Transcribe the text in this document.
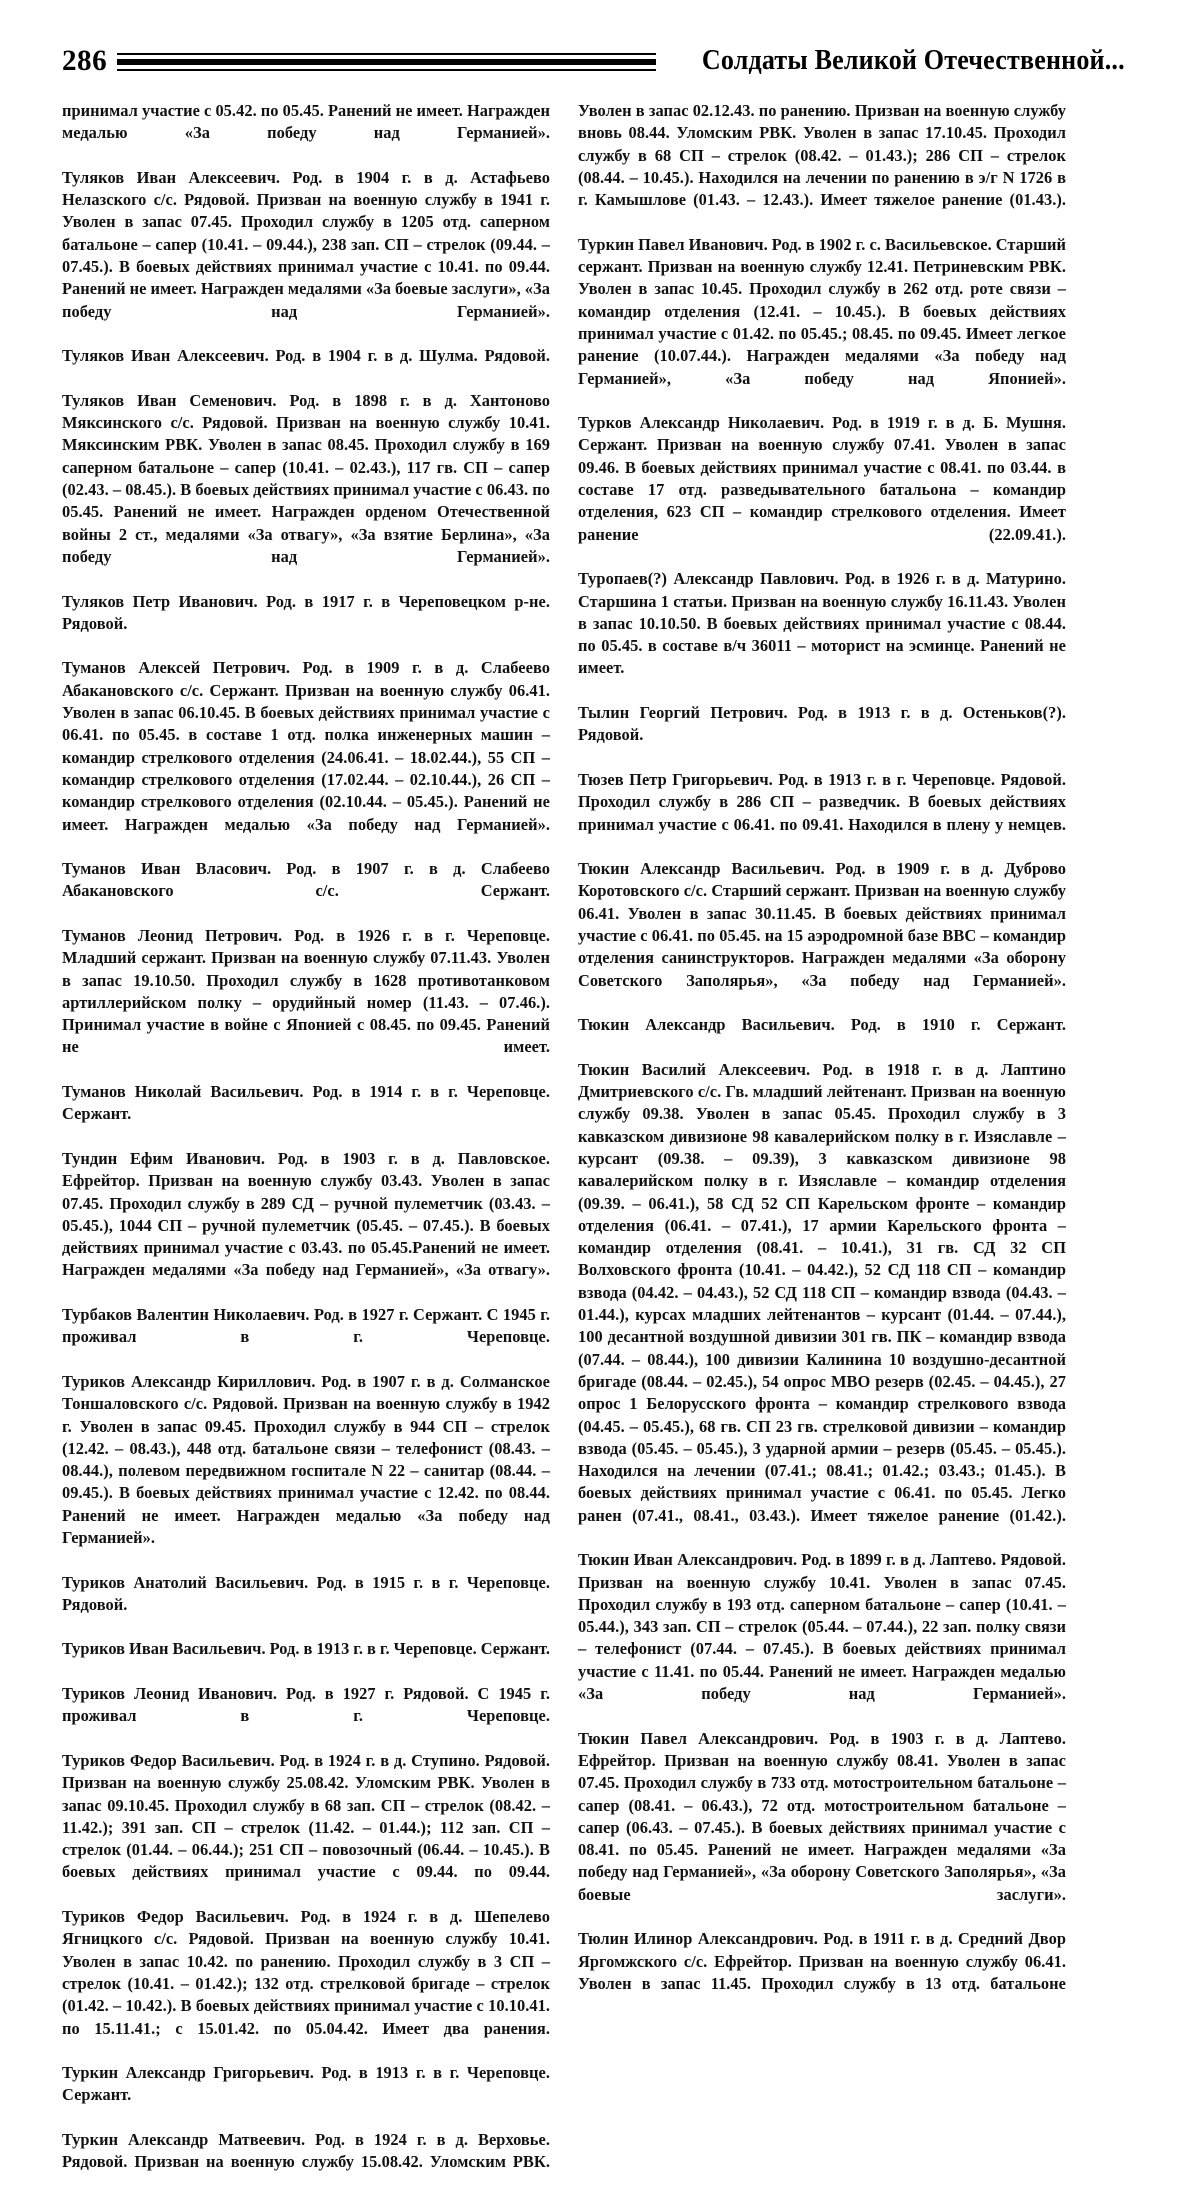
286	Солдаты Великой Отечественной...

принимал участие с 05.42. по 05.45. Ранений не имеет. Награжден медалью «За победу над Германией».

Туляков Иван Алексеевич. Род. в 1904 г. в д. Астафьево Нелазского с/с. Рядовой. Призван на военную службу в 1941 г. Уволен в запас 07.45. Проходил службу в 1205 отд. саперном батальоне – сапер (10.41. – 09.44.), 238 зап. СП – стрелок (09.44. – 07.45.). В боевых действиях принимал участие с 10.41. по 09.44. Ранений не имеет. Награжден медалями «За боевые заслуги», «За победу над Германией».

Туляков Иван Алексеевич. Род. в 1904 г. в д. Шулма. Рядовой.

Туляков Иван Семенович. Род. в 1898 г. в д. Хантоново Мяксинского с/с. Рядовой. Призван на военную службу 10.41. Мяксинским РВК. Уволен в запас 08.45. Проходил службу в 169 саперном батальоне – сапер (10.41. – 02.43.), 117 гв. СП – сапер (02.43. – 08.45.). В боевых действиях принимал участие с 06.43. по 05.45. Ранений не имеет. Награжден орденом Отечественной войны 2 ст., медалями «За отвагу», «За взятие Берлина», «За победу над Германией».

Туляков Петр Иванович. Род. в 1917 г. в Череповецком р-не. Рядовой.

Туманов Алексей Петрович. Род. в 1909 г. в д. Слабеево Абакановского с/с. Сержант. Призван на военную службу 06.41. Уволен в запас 06.10.45. В боевых действиях принимал участие с 06.41. по 05.45. в составе 1 отд. полка инженерных машин – командир стрелкового отделения (24.06.41. – 18.02.44.), 55 СП – командир стрелкового отделения (17.02.44. – 02.10.44.), 26 СП – командир стрелкового отделения (02.10.44. – 05.45.). Ранений не имеет. Награжден медалью «За победу над Германией».

Туманов Иван Власович. Род. в 1907 г. в д. Слабеево Абакановского с/с. Сержант.

Туманов Леонид Петрович. Род. в 1926 г. в г. Череповце. Младший сержант. Призван на военную службу 07.11.43. Уволен в запас 19.10.50. Проходил службу в 1628 противотанковом артиллерийском полку – орудийный номер (11.43. – 07.46.). Принимал участие в войне с Японией с 08.45. по 09.45. Ранений не имеет.

Туманов Николай Васильевич. Род. в 1914 г. в г. Череповце. Сержант.

Тундин Ефим Иванович. Род. в 1903 г. в д. Павловское. Ефрейтор. Призван на военную службу 03.43. Уволен в запас 07.45. Проходил службу в 289 СД – ручной пулеметчик (03.43. – 05.45.), 1044 СП – ручной пулеметчик (05.45. – 07.45.). В боевых действиях принимал участие с 03.43. по 05.45.Ранений не имеет. Награжден медалями «За победу над Германией», «За отвагу».

Турбаков Валентин Николаевич. Род. в 1927 г. Сержант. С 1945 г. проживал в г. Череповце.

Туриков Александр Кириллович. Род. в 1907 г. в д. Солманское Тоншаловского с/с. Рядовой. Призван на военную службу в 1942 г. Уволен в запас 09.45. Проходил службу в 944 СП – стрелок (12.42. – 08.43.), 448 отд. батальоне связи – телефонист (08.43. – 08.44.), полевом передвижном госпитале N 22 – санитар (08.44. – 09.45.). В боевых действиях принимал участие с 12.42. по 08.44. Ранений не имеет. Награжден медалью «За победу над Германией».

Туриков Анатолий Васильевич. Род. в 1915 г. в г. Череповце. Рядовой.

Туриков Иван Васильевич. Род. в 1913 г. в г. Череповце. Сержант.

Туриков Леонид Иванович. Род. в 1927 г. Рядовой. С 1945 г. проживал в г. Череповце.

Туриков Федор Васильевич. Род. в 1924 г. в д. Ступино. Рядовой. Призван на военную службу 25.08.42. Уломским РВК. Уволен в запас 09.10.45. Проходил службу в 68 зап. СП – стрелок (08.42. – 11.42.); 391 зап. СП – стрелок (11.42. – 01.44.); 112 зап. СП – стрелок (01.44. – 06.44.); 251 СП – повозочный (06.44. – 10.45.). В боевых действиях принимал участие с 09.44. по 09.44.

Туриков Федор Васильевич. Род. в 1924 г. в д. Шепелево Ягницкого с/с. Рядовой. Призван на военную службу 10.41. Уволен в запас 10.42. по ранению. Проходил службу в 3 СП – стрелок (10.41. – 01.42.); 132 отд. стрелковой бригаде – стрелок (01.42. – 10.42.). В боевых действиях принимал участие с 10.10.41. по 15.11.41.; с 15.01.42. по 05.04.42. Имеет два ранения.

Туркин Александр Григорьевич. Род. в 1913 г. в г. Череповце. Сержант.

Туркин Александр Матвеевич. Род. в 1924 г. в д. Верховье. Рядовой. Призван на военную службу 15.08.42. Уломским РВК.

Уволен в запас 02.12.43. по ранению. Призван на военную службу вновь 08.44. Уломским РВК. Уволен в запас 17.10.45. Проходил службу в 68 СП – стрелок (08.42. – 01.43.); 286 СП – стрелок (08.44. – 10.45.). Находился на лечении по ранению в э/г N 1726 в г. Камышлове (01.43. – 12.43.). Имеет тяжелое ранение (01.43.).

Туркин Павел Иванович. Род. в 1902 г. с. Васильевское. Старший сержант. Призван на военную службу 12.41. Петриневским РВК. Уволен в запас 10.45. Проходил службу в 262 отд. роте связи – командир отделения (12.41. – 10.45.). В боевых действиях принимал участие с 01.42. по 05.45.; 08.45. по 09.45. Имеет легкое ранение (10.07.44.). Награжден медалями «За победу над Германией», «За победу над Японией».

Турков Александр Николаевич. Род. в 1919 г. в д. Б. Мушня. Сержант. Призван на военную службу 07.41. Уволен в запас 09.46. В боевых действиях принимал участие с 08.41. по 03.44. в составе 17 отд. разведывательного батальона – командир отделения, 623 СП – командир стрелкового отделения. Имеет ранение (22.09.41.).

Туропаев(?) Александр Павлович. Род. в 1926 г. в д. Матурино. Старшина 1 статьи. Призван на военную службу 16.11.43. Уволен в запас 10.10.50. В боевых действиях принимал участие с 08.44. по 05.45. в составе в/ч 36011 – моторист на эсминце. Ранений не имеет.

Тылин Георгий Петрович. Род. в 1913 г. в д. Остеньков(?). Рядовой.

Тюзев Петр Григорьевич. Род. в 1913 г. в г. Череповце. Рядовой. Проходил службу в 286 СП – разведчик. В боевых действиях принимал участие с 06.41. по 09.41. Находился в плену у немцев.

Тюкин Александр Васильевич. Род. в 1909 г. в д. Дуброво Коротовского с/с. Старший сержант. Призван на военную службу 06.41. Уволен в запас 30.11.45. В боевых действиях принимал участие с 06.41. по 05.45. на 15 аэродромной базе ВВС – командир отделения санинструкторов. Награжден медалями «За оборону Советского Заполярья», «За победу над Германией».

Тюкин Александр Васильевич. Род. в 1910 г. Сержант.

Тюкин Василий Алексеевич. Род. в 1918 г. в д. Лаптино Дмитриевского с/с. Гв. младший лейтенант. Призван на военную службу 09.38. Уволен в запас 05.45. Проходил службу в 3 кавказском дивизионе 98 кавалерийском полку в г. Изяславле – курсант (09.38. – 09.39), 3 кавказском дивизионе 98 кавалерийском полку в г. Изяславле – командир отделения (09.39. – 06.41.), 58 СД 52 СП Карельском фронте – командир отделения (06.41. – 07.41.), 17 армии Карельского фронта – командир отделения (08.41. – 10.41.), 31 гв. СД 32 СП Волховского фронта (10.41. – 04.42.), 52 СД 118 СП – командир взвода (04.42. – 04.43.), 52 СД 118 СП – командир взвода (04.43. – 01.44.), курсах младших лейтенантов – курсант (01.44. – 07.44.), 100 десантной воздушной дивизии 301 гв. ПК – командир взвода (07.44. – 08.44.), 100 дивизии Калинина 10 воздушно-десантной бригаде (08.44. – 02.45.), 54 опрос МВО резерв (02.45. – 04.45.), 27 опрос 1 Белорусского фронта – командир стрелкового взвода (04.45. – 05.45.), 68 гв. СП 23 гв. стрелковой дивизии – командир взвода (05.45. – 05.45.), 3 ударной армии – резерв (05.45. – 05.45.). Находился на лечении (07.41.; 08.41.; 01.42.; 03.43.; 01.45.). В боевых действиях принимал участие с 06.41. по 05.45. Легко ранен (07.41., 08.41., 03.43.). Имеет тяжелое ранение (01.42.).

Тюкин Иван Александрович. Род. в 1899 г. в д. Лаптево. Рядовой. Призван на военную службу 10.41. Уволен в запас 07.45. Проходил службу в 193 отд. саперном батальоне – сапер (10.41. – 05.44.), 343 зап. СП – стрелок (05.44. – 07.44.), 22 зап. полку связи – телефонист (07.44. – 07.45.). В боевых действиях принимал участие с 11.41. по 05.44. Ранений не имеет. Награжден медалью «За победу над Германией».

Тюкин Павел Александрович. Род. в 1903 г. в д. Лаптево. Ефрейтор. Призван на военную службу 08.41. Уволен в запас 07.45. Проходил службу в 733 отд. мотостроительном батальоне – сапер (08.41. – 06.43.), 72 отд. мотостроительном батальоне – сапер (06.43. – 07.45.). В боевых действиях принимал участие с 08.41. по 05.45. Ранений не имеет. Награжден медалями «За победу над Германией», «За оборону Советского Заполярья», «За боевые заслуги».

Тюлин Илинор Александрович. Род. в 1911 г. в д. Средний Двор Яргомжского с/с. Ефрейтор. Призван на военную службу 06.41. Уволен в запас 11.45. Проходил службу в 13 отд. батальоне
